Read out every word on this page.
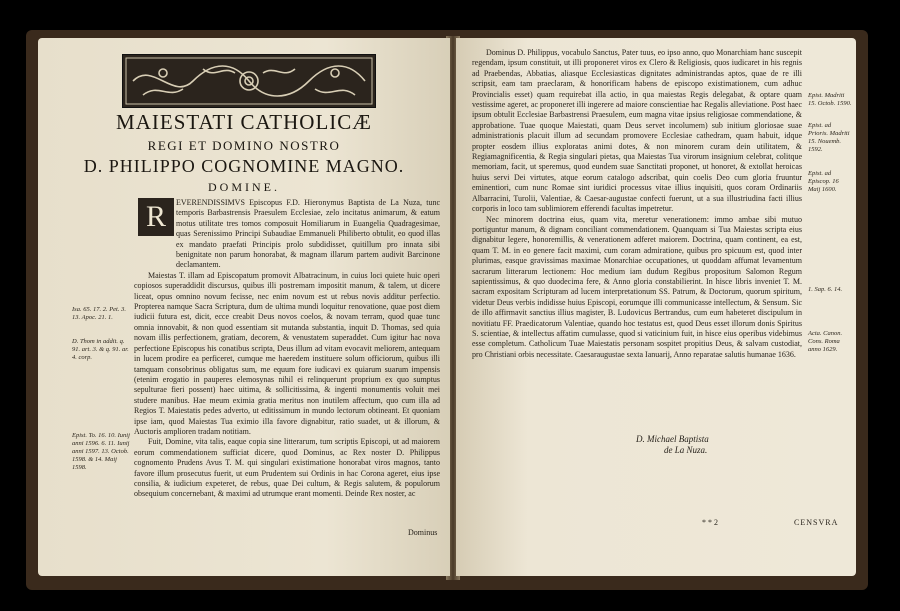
MAIESTATI CATHOLICÆ
REGI ET DOMINO NOSTRO
D. PHILIPPO COGNOMINE MAGNO.
DOMINE.
R	EVERENDISSIMVS Episcopus F.D. Hieronymus Baptista de La Nuza, tunc temporis Barbastrensis Praesulem Ecclesiae, zelo incitatus animarum, & eatum motus utilitate tres tomos composuit Homiliarum in Euangelia Quadragesimae, quas Serenissimo Principi Subaudiae Emmanueli Philiberto obtulit, eo quod illas ex mandato praefati Principis prolo subdidisset, quitillum pro innata sibi benignitate non parum honorabat, & magnam illarum partem audivit Barcinone declamantem.

Maiestas T. illam ad Episcopatum promovit Albatracinum, in cuius loci quiete huic operi copiosos superaddidit discursus, quibus illi postremam impositit manum, & talem, ut dicere liceat, opus omnino novum fecisse, nec enim novum est ut rebus novis additur perfectio. Propterea namque Sacra Scriptura, dum de ultima mundi loquitur renovatione, quae post diem iudicii futura est, dicit, ecce creabit Deus novos coelos, & novam terram, quod quae tunc omnia innovabit, & non quod essentiam sit mutanda substantia, inquit D. Thomas, sed quia novam illis perfectionem, gratiam, decorem, & venustatem superaddet. Cum igitur hac nova perfectione Episcopus his conatibus scripta, Deus illum ad vitam evocavit meliorem, antequam in lucem prodire ea perficeret, cumque me haeredem instituere solum officiorum, quibus illi tamquam consobrinus obligatus sum, me equum fore iudicavi ex quiarum suarum impensis (etenim erogatio in pauperes elemosynas nihil ei relinquerunt proprium ex quo sumptus sepulturae fieri possent) haec uitima, & sollicitissima, & ingenti monumentis voluit mei studere manibus. Hae meum eximia gratia meritus non inutilem affectum, quo cum illa ad Regios T. Maiestatis pedes adverto, ut editissimum in mundo lectorum obtineant. Et quoniam ipse iam, quod Maiestas Tua eximio illa favore dignabitur, ratio suadet, ut & illorum, & Auctoris amplioren tradam notitiam.

Fuit, Domine, vita talis, eaque copia sine litterarum, tum scriptis Episcopi, ut ad maiorem eorum commendationem sufficiat dicere, quod Dominus, ac Rex noster D. Philippus cognomento Prudens Avus T. M. qui singulari existimatione honorabat viros magnos, tanto favore illum prosecutus fuerit, ut eum Prudentem sui Ordinis in hac Corona ageret, eius ipse consilia, & iudicium expeteret, de rebus, quae Dei cultum, & Regis salutem, & populorum obsequium concernebant, & maximi ad utrumque erant momenti. Deinde Rex noster, ac

Isa. 65. 17. 2. Pet. 3. 13. Apoc. 21. 1.
D. Thom in addit. q. 91. art. 3. & q. 91. ar. 4. corp.
Epist. To. 16. 10. Iunij anni 1596. 6. 11. Iunij anni 1597. 13. Octob. 1598. & 14. Maij 1598.
Dominus

Dominus D. Philippus, vocabulo Sanctus, Pater tuus, eo ipso anno, quo Monarchiam hanc suscepit regendam, ipsum constituit, ut illi proponeret viros ex Clero & Religiosis, quos iudicaret in his regnis ad Praebendas, Abbatias, aliasque Ecclesiasticas dignitates administrandas aptos, quae de re illi scripsit, eam tam praeclaram, & honorificam habens de episcopo existimationem, cum adhuc Provincialis esset) quam requirebat illa actio, in qua maiestas Regis delegabat, & optare quam vestissime ageret, ac proponeret illi ingerere ad maiore conscientiae hac Regalis alleviatione. Post haec ipsum obtulit Ecclesiae Barbastrensi Praesulem, eum magna vitae ipsius religiosae commendatione, & approbatione. Tuae quoque Maiestati, quam Deus servet incolumem) sub initium gloriosae suae administrationis placuit illum ad secundam promovere Ecclesiae cathedram, quam habuit, idque propter eosdem illius exploratas animi dotes, & non minorem curam dein utilitatem, & Regiamagnificentia, & Regia singulari pietas, qua Maiestas Tua virorum insignium celebrat, colitque memoriam, facit, ut speremus, quod eundem suae Sanctitati proponet, ut honoret, & extollat heroicas huius servi Dei virtutes, atque eorum catalogo adscribat, quin coelis Deo cum gloria fruuntur eminentiori, cum nunc Romae sint iuridici processus vitae illius inquisiti, quos coram Ordinariis Albarracini, Turolii, Valentiae, & Caesar-augustae confecti fuerunt, ut a sua illustriudina facti illius corporis in loco tam sublimiorem efferendi facultas impetretur.

Nec minorem doctrina eius, quam vita, meretur venerationem: immo ambae sibi mutuo portiguntur manum, & dignam conciliant commendationem. Quanquam si Tua Maiestas scripta eius dignabitur legere, honoremillis, & venerationem adferet maiorem. Doctrina, quam continent, ea est, quam T. M. in eo genere facit maximi, cum coram admiratione, quibus pro spicuum est, quod inter plurimas, easque gravissimas maximae Monarchiae occupationes, ut quoddam affumat levamentum sacrarum litterarum lectionem: Hoc medium iam dudum Regibus propositum Salomon Regum sapientissimus, & quo duodecima fere, & Anno gloria constabilierint. In hisce libris inveniet T. M. sacram expositam Scripturam ad lucem interpretationum SS. Patrum, & Doctorum, quorum spiritum, videtur Deus verbis indidisse huius Episcopi, eorumque illi communicasse intellectum, & Sensum. Sic de illo affirmavit sanctius illius magister, B. Ludovicus Bertrandus, cum eum habeteret discipulum in novitiatu FF. Praedicatorum Valentiae, quando hoc testatus est, quod Deus esset illorum donis Spiritus S. scientiae, & intellectus affatim cumulasse, quod si vaticinium fuit, in hisce eius operibus videbimus esse completum. Catholicum Tuae Maiestatis personam sospitet propitius Deus, & salvam custodiat, pro Christiani orbis necessitate. Caesaraugustae sexta Ianuarij, Anno reparatae salutis humanae 1636.

Epist. Madriti 15. Octob. 1590.
Epist. ad Prioris. Madriti 15. Nouemb. 1592.
Epist. ad Episcop. 16 Maij 1600.
1. Sap. 6. 14.
Acta. Canon. Cons. Roma anno 1629.
D. Michael Baptista
de La Nuza.
* * 2	CENSVRA
